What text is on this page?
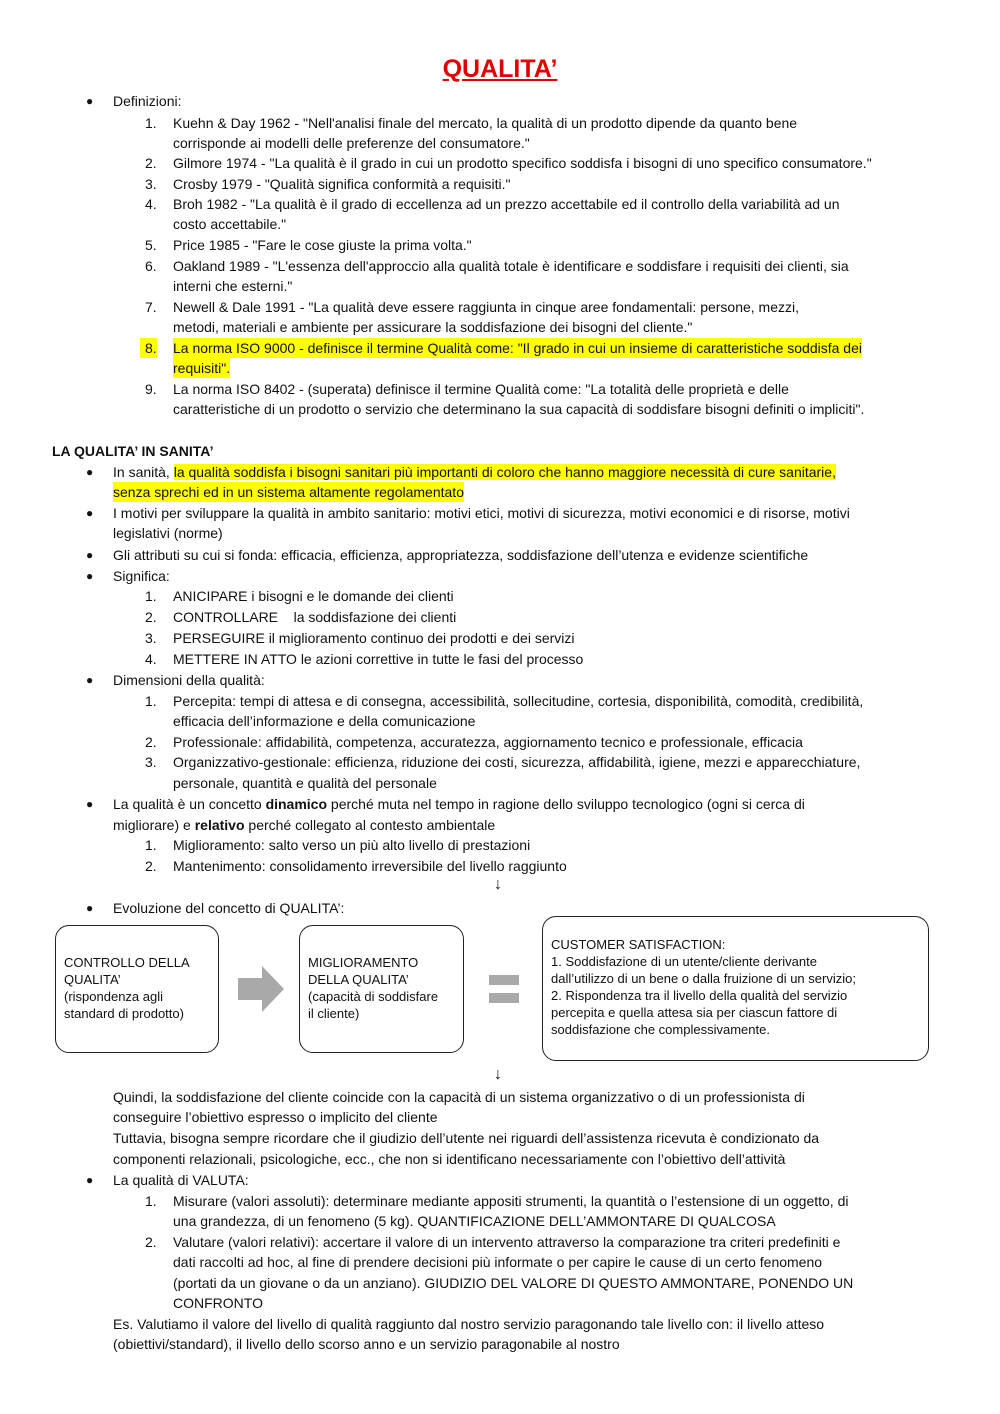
QUALITA’
● Definizioni:
1. Kuehn & Day 1962 - "Nell'analisi finale del mercato, la qualità di un prodotto dipende da quanto bene
corrisponde ai modelli delle preferenze del consumatore."
2. Gilmore 1974 - "La qualità è il grado in cui un prodotto specifico soddisfa i bisogni di uno specifico consumatore."
3. Crosby 1979 - "Qualità significa conformità a requisiti."
4. Broh 1982 - "La qualità è il grado di eccellenza ad un prezzo accettabile ed il controllo della variabilità ad un
costo accettabile."
5. Price 1985 - "Fare le cose giuste la prima volta."
6. Oakland 1989 - "L'essenza dell'approccio alla qualità totale è identificare e soddisfare i requisiti dei clienti, sia
interni che esterni."
7. Newell & Dale 1991 - "La qualità deve essere raggiunta in cinque aree fondamentali: persone, mezzi,
metodi, materiali e ambiente per assicurare la soddisfazione dei bisogni del cliente."
8. La norma ISO 9000 - definisce il termine Qualità come: "Il grado in cui un insieme di caratteristiche soddisfa dei
requisiti".
9. La norma ISO 8402 - (superata) definisce il termine Qualità come: "La totalità delle proprietà e delle
caratteristiche di un prodotto o servizio che determinano la sua capacità di soddisfare bisogni definiti o impliciti".
LA QUALITA’ IN SANITA’
● In sanità, la qualità soddisfa i bisogni sanitari più importanti di coloro che hanno maggiore necessità di cure sanitarie,
senza sprechi ed in un sistema altamente regolamentato
● I motivi per sviluppare la qualità in ambito sanitario: motivi etici, motivi di sicurezza, motivi economici e di risorse, motivi
legislativi (norme)
● Gli attributi su cui si fonda: efficacia, efficienza, appropriatezza, soddisfazione dell’utenza e evidenze scientifiche
● Significa:
1. ANICIPARE i bisogni e le domande dei clienti
2. CONTROLLARE    la soddisfazione dei clienti
3. PERSEGUIRE il miglioramento continuo dei prodotti e dei servizi
4. METTERE IN ATTO le azioni correttive in tutte le fasi del processo
● Dimensioni della qualità:
1. Percepita: tempi di attesa e di consegna, accessibilità, sollecitudine, cortesia, disponibilità, comodità, credibilità,
efficacia dell’informazione e della comunicazione
2. Professionale: affidabilità, competenza, accuratezza, aggiornamento tecnico e professionale, efficacia
3. Organizzativo-gestionale: efficienza, riduzione dei costi, sicurezza, affidabilità, igiene, mezzi e apparecchiature,
personale, quantità e qualità del personale
● La qualità è un concetto dinamico perché muta nel tempo in ragione dello sviluppo tecnologico (ogni si cerca di
migliorare) e relativo perché collegato al contesto ambientale
1. Miglioramento: salto verso un più alto livello di prestazioni
2. Mantenimento: consolidamento irreversibile del livello raggiunto
↓
● Evoluzione del concetto di QUALITA’:
CONTROLLO DELLA
QUALITA’
(rispondenza agli
standard di prodotto)
MIGLIORAMENTO
DELLA QUALITA’
(capacità di soddisfare
il cliente)
CUSTOMER SATISFACTION:
1. Soddisfazione di un utente/cliente derivante
dall’utilizzo di un bene o dalla fruizione di un servizio;
2. Rispondenza tra il livello della qualità del servizio
percepita e quella attesa sia per ciascun fattore di
soddisfazione che complessivamente.
↓
Quindi, la soddisfazione del cliente coincide con la capacità di un sistema organizzativo o di un professionista di
conseguire l’obiettivo espresso o implicito del cliente
Tuttavia, bisogna sempre ricordare che il giudizio dell’utente nei riguardi dell’assistenza ricevuta è condizionato da
componenti relazionali, psicologiche, ecc., che non si identificano necessariamente con l’obiettivo dell’attività
● La qualità di VALUTA:
1. Misurare (valori assoluti): determinare mediante appositi strumenti, la quantità o l’estensione di un oggetto, di
una grandezza, di un fenomeno (5 kg). QUANTIFICAZIONE DELL’AMMONTARE DI QUALCOSA
2. Valutare (valori relativi): accertare il valore di un intervento attraverso la comparazione tra criteri predefiniti e
dati raccolti ad hoc, al fine di prendere decisioni più informate o per capire le cause di un certo fenomeno
(portati da un giovane o da un anziano). GIUDIZIO DEL VALORE DI QUESTO AMMONTARE, PONENDO UN
CONFRONTO
Es. Valutiamo il valore del livello di qualità raggiunto dal nostro servizio paragonando tale livello con: il livello atteso
(obiettivi/standard), il livello dello scorso anno e un servizio paragonabile al nostro
